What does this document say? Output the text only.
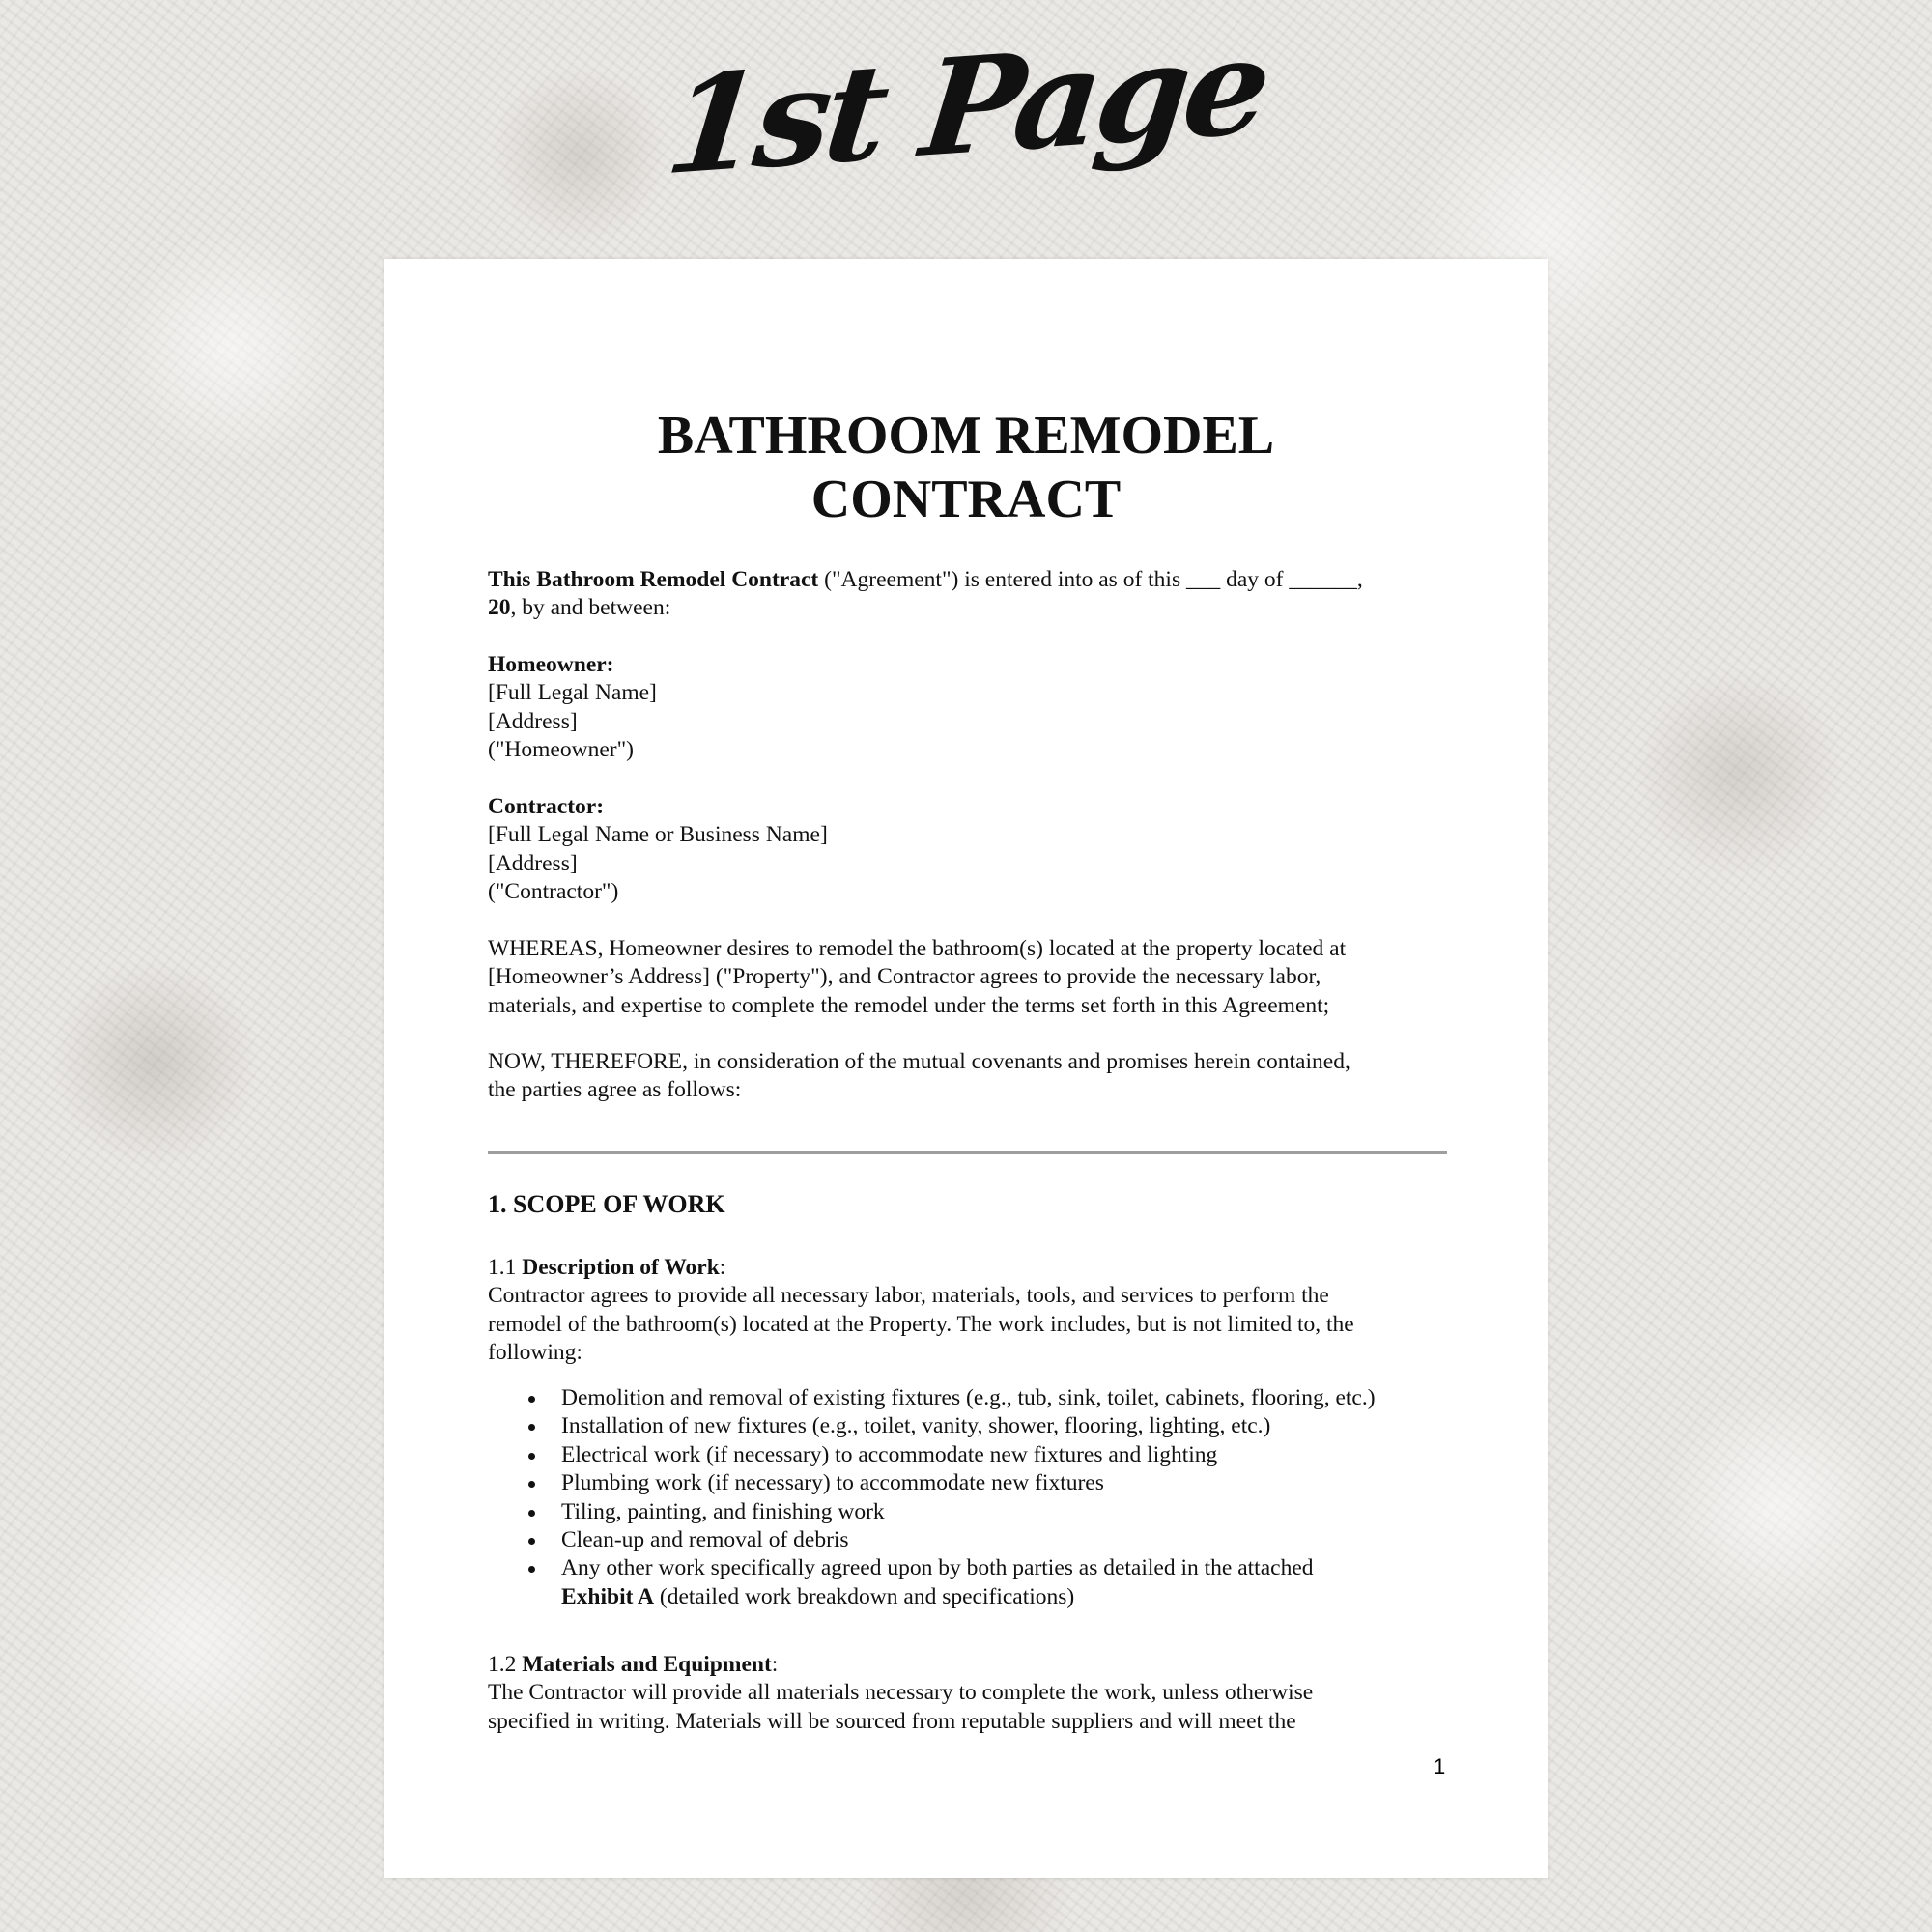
1st Page
BATHROOM REMODEL
CONTRACT
This Bathroom Remodel Contract ("Agreement") is entered into as of this ___ day of ______,
20, by and between:
Homeowner:
[Full Legal Name]
[Address]
("Homeowner")
Contractor:
[Full Legal Name or Business Name]
[Address]
("Contractor")
WHEREAS, Homeowner desires to remodel the bathroom(s) located at the property located at
[Homeowner’s Address] ("Property"), and Contractor agrees to provide the necessary labor,
materials, and expertise to complete the remodel under the terms set forth in this Agreement;
NOW, THEREFORE, in consideration of the mutual covenants and promises herein contained,
the parties agree as follows:
1. SCOPE OF WORK
1.1 Description of Work:
Contractor agrees to provide all necessary labor, materials, tools, and services to perform the
remodel of the bathroom(s) located at the Property. The work includes, but is not limited to, the
following:
Demolition and removal of existing fixtures (e.g., tub, sink, toilet, cabinets, flooring, etc.)
Installation of new fixtures (e.g., toilet, vanity, shower, flooring, lighting, etc.)
Electrical work (if necessary) to accommodate new fixtures and lighting
Plumbing work (if necessary) to accommodate new fixtures
Tiling, painting, and finishing work
Clean-up and removal of debris
Any other work specifically agreed upon by both parties as detailed in the attached
Exhibit A (detailed work breakdown and specifications)
1.2 Materials and Equipment:
The Contractor will provide all materials necessary to complete the work, unless otherwise
specified in writing. Materials will be sourced from reputable suppliers and will meet the
1
